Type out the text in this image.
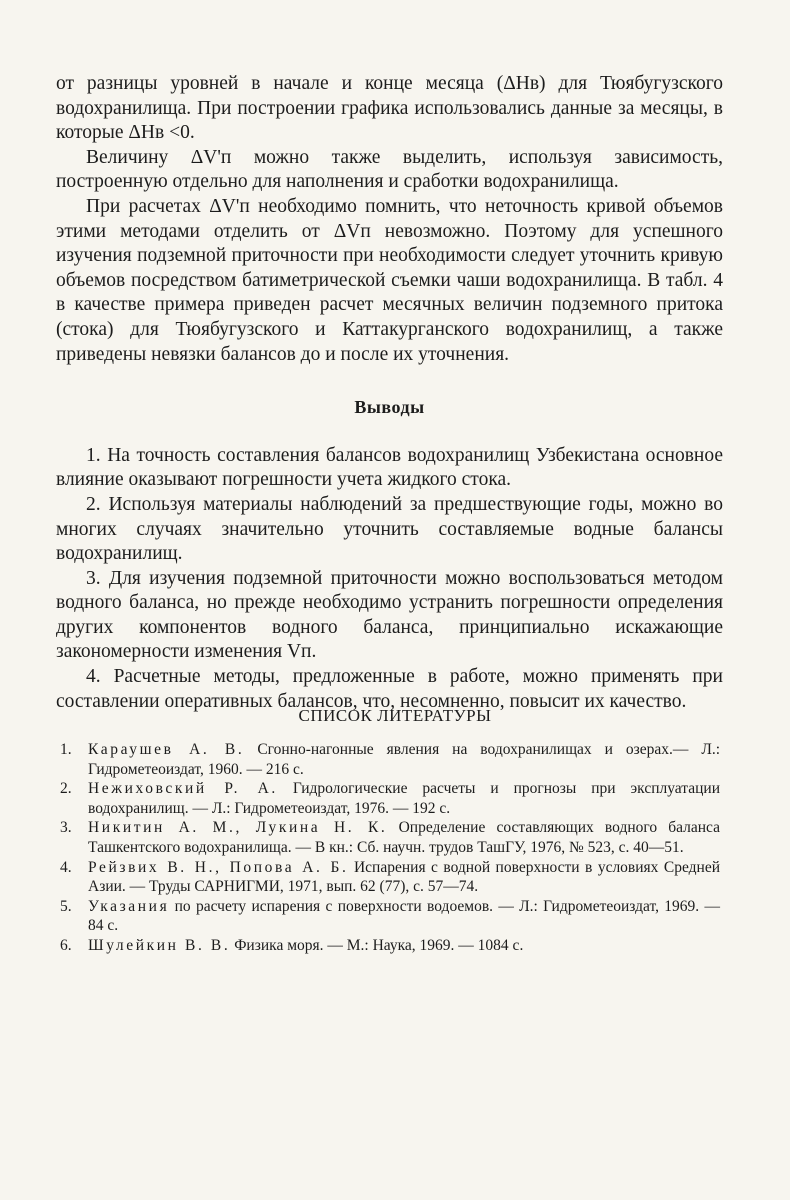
от разницы уровней в начале и конце месяца (ΔHв) для Тюябугузского водохранилища. При построении графика использовались данные за месяцы, в которые ΔHв <0.

Величину ΔV'п можно также выделить, используя зависимость, построенную отдельно для наполнения и сработки водохранилища.

При расчетах ΔV'п необходимо помнить, что неточность кривой объемов этими методами отделить от ΔVп невозможно. Поэтому для успешного изучения подземной приточности при необходимости следует уточнить кривую объемов посредством батиметрической съемки чаши водохранилища. В табл. 4 в качестве примера приведен расчет месячных величин подземного притока (стока) для Тюябугузского и Каттакурганского водохранилищ, а также приведены невязки балансов до и после их уточнения.

Выводы

1. На точность составления балансов водохранилищ Узбекистана основное влияние оказывают погрешности учета жидкого стока.

2. Используя материалы наблюдений за предшествующие годы, можно во многих случаях значительно уточнить составляемые водные балансы водохранилищ.

3. Для изучения подземной приточности можно воспользоваться методом водного баланса, но прежде необходимо устранить погрешности определения других компонентов водного баланса, принципиально искажающие закономерности изменения Vп.

4. Расчетные методы, предложенные в работе, можно применять при составлении оперативных балансов, что, несомненно, повысит их качество.

СПИСОК ЛИТЕРАТУРЫ
1. Караушев А. В. Сгонно-нагонные явления на водохранилищах и озерах.— Л.: Гидрометеоиздат, 1960. — 216 с.
2. Нежиховский Р. А. Гидрологические расчеты и прогнозы при эксплуатации водохранилищ. — Л.: Гидрометеоиздат, 1976. — 192 с.
3. Никитин А. М., Лукина Н. К. Определение составляющих водного баланса Ташкентского водохранилища. — В кн.: Сб. научн. трудов ТашГУ, 1976, № 523, с. 40—51.
4. Рейзвих В. Н., Попова А. Б. Испарения с водной поверхности в условиях Средней Азии. — Труды САРНИГМИ, 1971, вып. 62 (77), с. 57—74.
5. Указания по расчету испарения с поверхности водоемов. — Л.: Гидрометеоиздат, 1969. — 84 с.
6. Шулейкин В. В. Физика моря. — М.: Наука, 1969. — 1084 с.
